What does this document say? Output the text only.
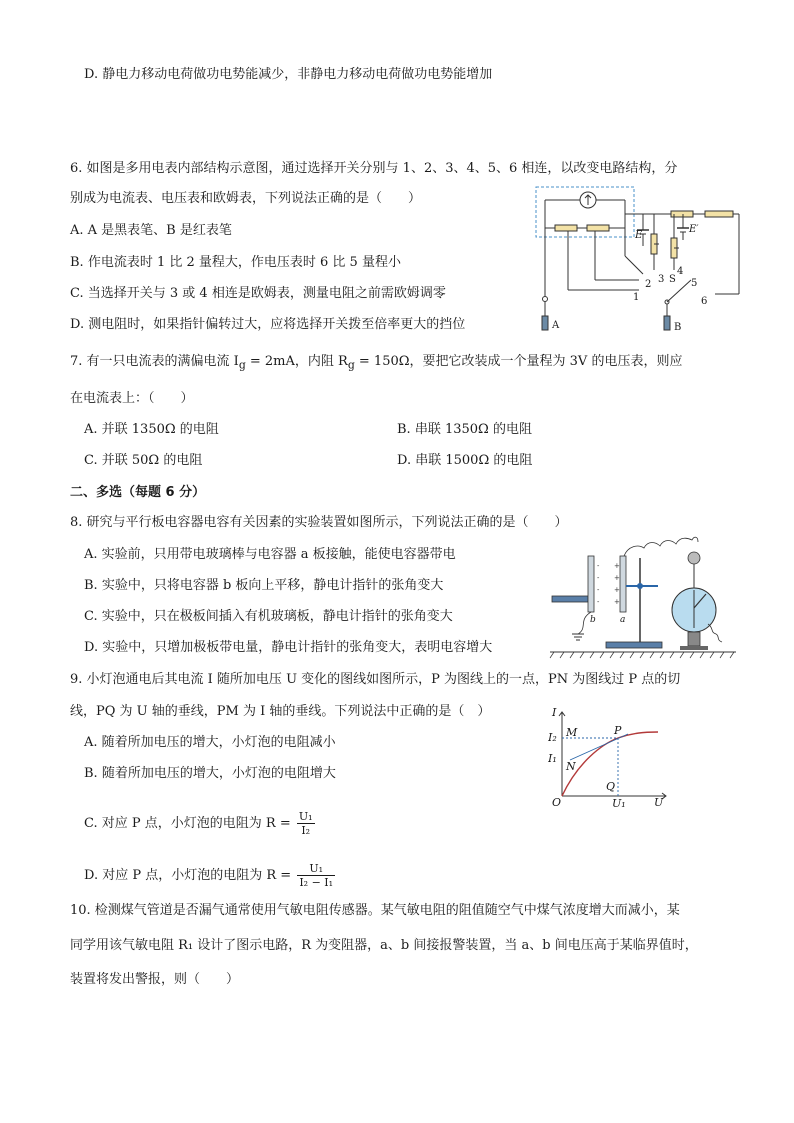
D. 静电力移动电荷做功电势能减少，非静电力移动电荷做功电势能增加
6. 如图是多用电表内部结构示意图，通过选择开关分别与 1、2、3、4、5、6 相连，以改变电路结构，分
别成为电流表、电压表和欧姆表，下列说法正确的是（　　）
A. A 是黑表笔、B 是红表笔
B. 作电流表时 1 比 2 量程大，作电压表时 6 比 5 量程小
C. 当选择开关与 3 或 4 相连是欧姆表，测量电阻之前需欧姆调零
D. 测电阻时，如果指针偏转过大，应将选择开关拨至倍率更大的挡位
E
E′
S
1
2 3
4
5
6
A	B
7. 有一只电流表的满偏电流 $I_g = 2mA$，内阻 $R_g = 150\Omega$，要把它改装成一个量程为 3V 的电压表，则应
在电流表上：（　　）
A. 并联 1350Ω 的电阻	B. 串联 1350Ω 的电阻
C. 并联 50Ω 的电阻	D. 串联 1500Ω 的电阻
二、多选（每题 6 分）
8. 研究与平行板电容器电容有关因素的实验装置如图所示，下列说法正确的是（　　）
A. 实验前，只用带电玻璃棒与电容器 a 板接触，能使电容器带电
B. 实验中，只将电容器 b 板向上平移，静电计指针的张角变大
C. 实验中，只在极板间插入有机玻璃板，静电计指针的张角变大
D. 实验中，只增加极板带电量，静电计指针的张角变大，表明电容增大
-
-
-
-
+
+
+
+
b	a
9. 小灯泡通电后其电流 I 随所加电压 U 变化的图线如图所示，P 为图线上的一点，PN 为图线过 P 点的切
线，PQ 为 U 轴的垂线，PM 为 I 轴的垂线。下列说法中正确的是（　）
A. 随着所加电压的增大，小灯泡的电阻减小
B. 随着所加电压的增大，小灯泡的电阻增大
C. 对应 P 点，小灯泡的电阻为 $R = \frac{\text{U₁}}{\text{I₂}}$
D. 对应 P 点，小灯泡的电阻为 $R = \frac{\text{U₁}}{\text{I₂ − I₁}}$
I
U
O
I₂
I₁
M
N
P
Q
U₁
10. 检测煤气管道是否漏气通常使用气敏电阻传感器。某气敏电阻的阻值随空气中煤气浓度增大而减小，某
同学用该气敏电阻 R₁ 设计了图示电路，R 为变阻器，a、b 间接报警装置，当 a、b 间电压高于某临界值时，
装置将发出警报，则（　　）
